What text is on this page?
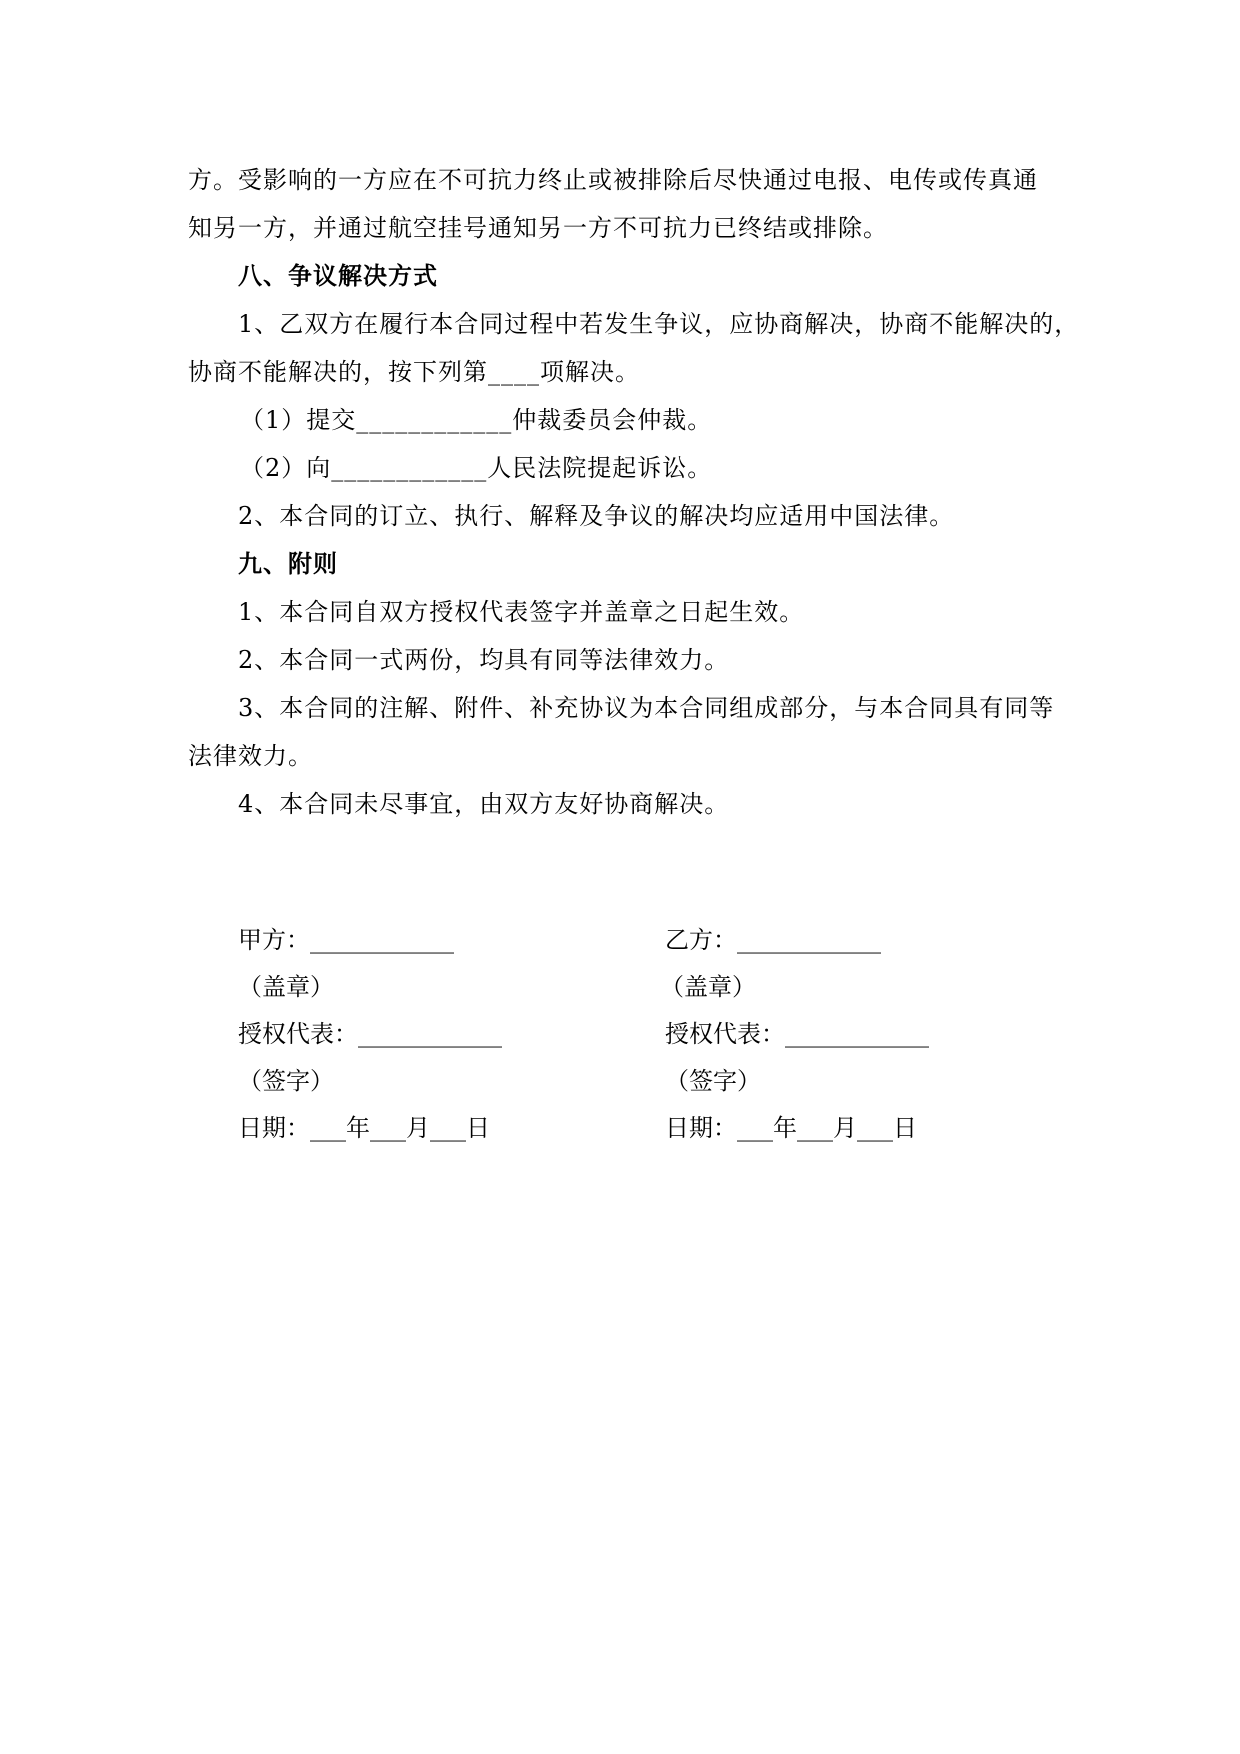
方。受影响的一方应在不可抗力终止或被排除后尽快通过电报、电传或传真通
知另一方，并通过航空挂号通知另一方不可抗力已终结或排除。
八、争议解决方式
1、乙双方在履行本合同过程中若发生争议，应协商解决，协商不能解决的，
协商不能解决的，按下列第____项解决。
（1）提交____________仲裁委员会仲裁。
（2）向____________人民法院提起诉讼。
2、本合同的订立、执行、解释及争议的解决均应适用中国法律。
九、附则
1、本合同自双方授权代表签字并盖章之日起生效。
2、本合同一式两份，均具有同等法律效力。
3、本合同的注解、附件、补充协议为本合同组成部分，与本合同具有同等
法律效力。
4、本合同未尽事宜，由双方友好协商解决。
甲方：____________
（盖章）
授权代表：____________
（签字）
日期：___年___月___日
乙方：____________
（盖章）
授权代表：____________
（签字）
日期：___年___月___日
